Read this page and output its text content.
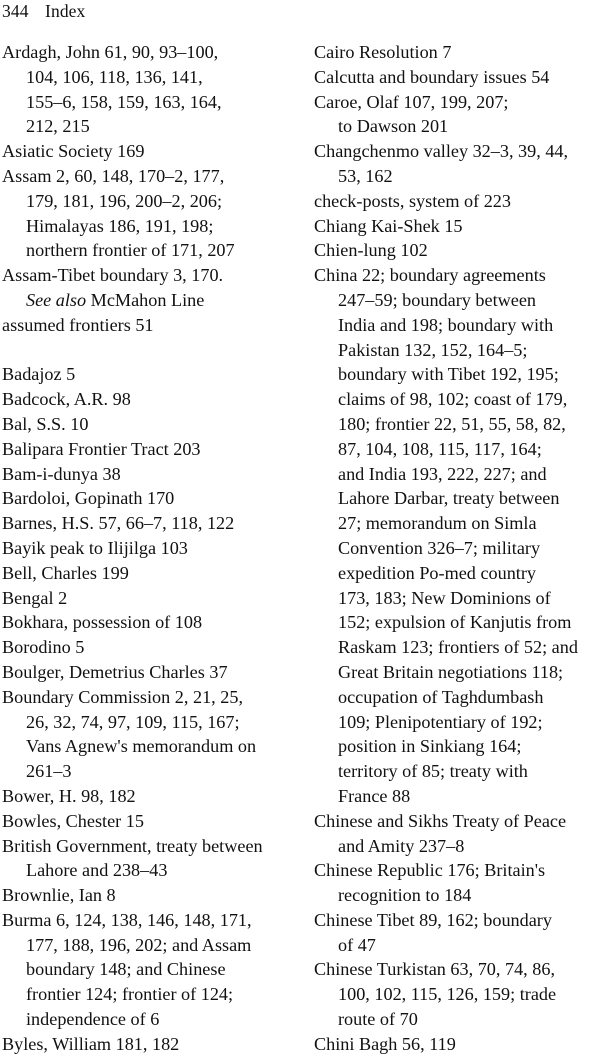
344 Index

Ardagh, John 61, 90, 93–100,
104, 106, 118, 136, 141,
155–6, 158, 159, 163, 164,
212, 215

Asiatic Society 169

Assam 2, 60, 148, 170–2, 177,
179, 181, 196, 200–2, 206;
Himalayas 186, 191, 198;
northern frontier of 171, 207

Assam-Tibet boundary 3, 170.
See also McMahon Line

assumed frontiers 51

Badajoz 5

Badcock, A.R. 98

Bal, S.S. 10

Balipara Frontier Tract 203

Bam-i-dunya 38

Bardoloi, Gopinath 170

Barnes, H.S. 57, 66–7, 118, 122

Bayik peak to Ilijilga 103

Bell, Charles 199

Bengal 2

Bokhara, possession of 108

Borodino 5

Boulger, Demetrius Charles 37

Boundary Commission 2, 21, 25,
26, 32, 74, 97, 109, 115, 167;
Vans Agnew's memorandum on
261–3

Bower, H. 98, 182

Bowles, Chester 15

British Government, treaty between
Lahore and 238–43

Brownlie, Ian 8

Burma 6, 124, 138, 146, 148, 171,
177, 188, 196, 202; and Assam
boundary 148; and Chinese
frontier 124; frontier of 124;
independence of 6

Byles, William 181, 182

Cairo Resolution 7

Calcutta and boundary issues 54

Caroe, Olaf 107, 199, 207;
to Dawson 201

Changchenmo valley 32–3, 39, 44,
53, 162

check-posts, system of 223

Chiang Kai-Shek 15

Chien-lung 102

China 22; boundary agreements
247–59; boundary between
India and 198; boundary with
Pakistan 132, 152, 164–5;
boundary with Tibet 192, 195;
claims of 98, 102; coast of 179,
180; frontier 22, 51, 55, 58, 82,
87, 104, 108, 115, 117, 164;
and India 193, 222, 227; and
Lahore Darbar, treaty between
27; memorandum on Simla
Convention 326–7; military
expedition Po-med country
173, 183; New Dominions of
152; expulsion of Kanjutis from
Raskam 123; frontiers of 52; and
Great Britain negotiations 118;
occupation of Taghdumbash
109; Plenipotentiary of 192;
position in Sinkiang 164;
territory of 85; treaty with
France 88

Chinese and Sikhs Treaty of Peace
and Amity 237–8

Chinese Republic 176; Britain's
recognition to 184

Chinese Tibet 89, 162; boundary
of 47

Chinese Turkistan 63, 70, 74, 86,
100, 102, 115, 126, 159; trade
route of 70

Chini Bagh 56, 119
